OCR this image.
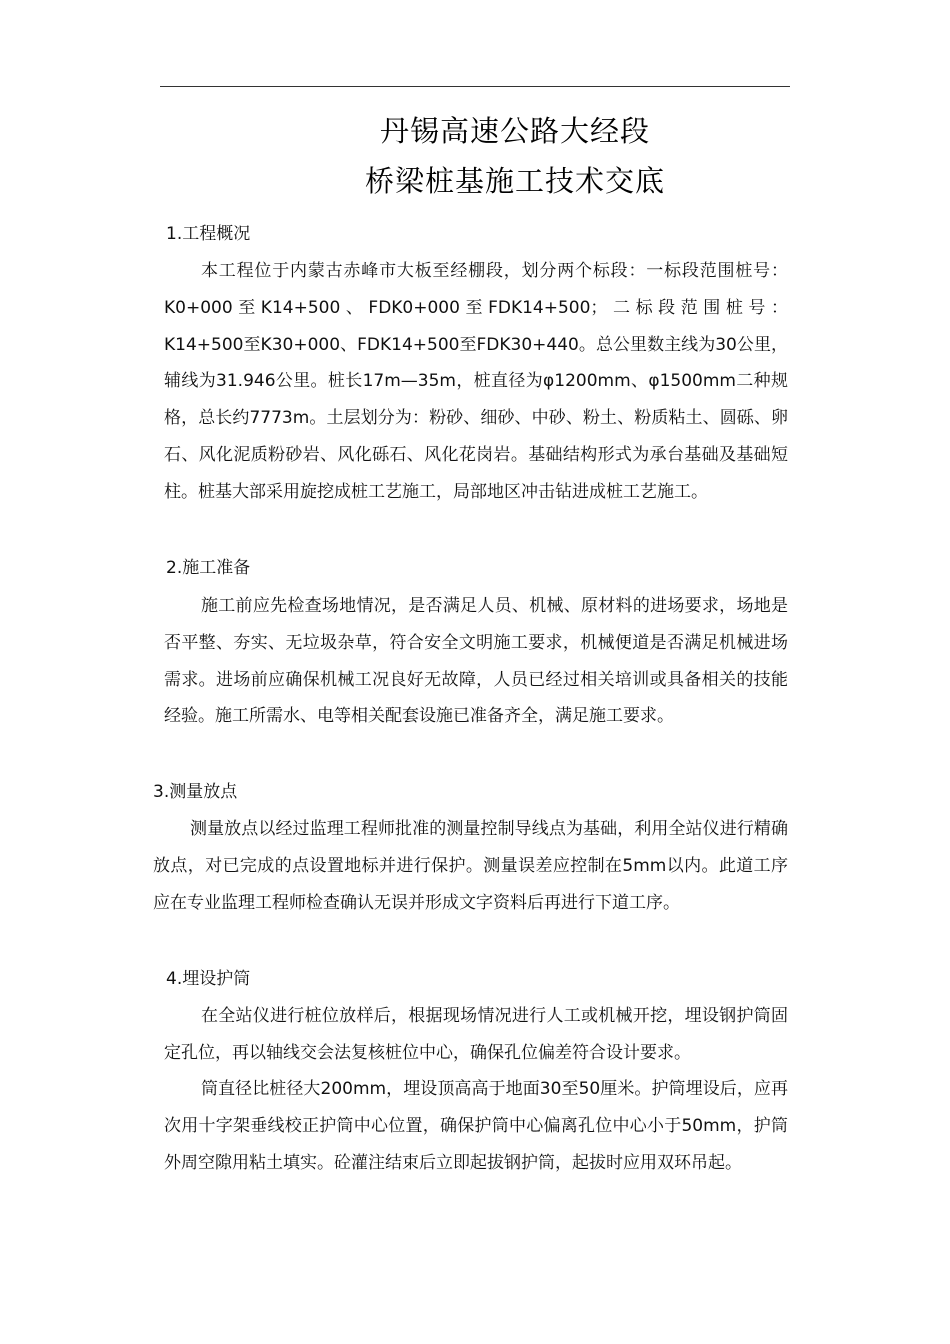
丹锡高速公路大经段
桥梁桩基施工技术交底
1.工程概况

本工程位于内蒙古赤峰市大板至经棚段，划分两个标段：一标段范围桩号：K0+000至K14+500、FDK0+000至FDK14+500；二标段范围桩号：K14+500至K30+000、FDK14+500至FDK30+440。总公里数主线为30公里，辅线为31.946公里。桩长17m—35m，桩直径为φ1200mm、φ1500mm二种规格，总长约7773m。土层划分为：粉砂、细砂、中砂、粉土、粉质粘土、圆砾、卵石、风化泥质粉砂岩、风化砾石、风化花岗岩。基础结构形式为承台基础及基础短柱。桩基大部采用旋挖成桩工艺施工，局部地区冲击钻进成桩工艺施工。

2.施工准备

施工前应先检查场地情况，是否满足人员、机械、原材料的进场要求，场地是否平整、夯实、无垃圾杂草，符合安全文明施工要求，机械便道是否满足机械进场需求。进场前应确保机械工况良好无故障，人员已经过相关培训或具备相关的技能经验。施工所需水、电等相关配套设施已准备齐全，满足施工要求。

3.测量放点

测量放点以经过监理工程师批准的测量控制导线点为基础，利用全站仪进行精确放点，对已完成的点设置地标并进行保护。测量误差应控制在5mm以内。此道工序应在专业监理工程师检查确认无误并形成文字资料后再进行下道工序。

4.埋设护筒

在全站仪进行桩位放样后，根据现场情况进行人工或机械开挖，埋设钢护筒固定孔位，再以轴线交会法复核桩位中心，确保孔位偏差符合设计要求。

筒直径比桩径大200mm，埋设顶高高于地面30至50厘米。护筒埋设后，应再次用十字架垂线校正护筒中心位置，确保护筒中心偏离孔位中心小于50mm，护筒外周空隙用粘土填实。砼灌注结束后立即起拔钢护筒，起拔时应用双环吊起。
